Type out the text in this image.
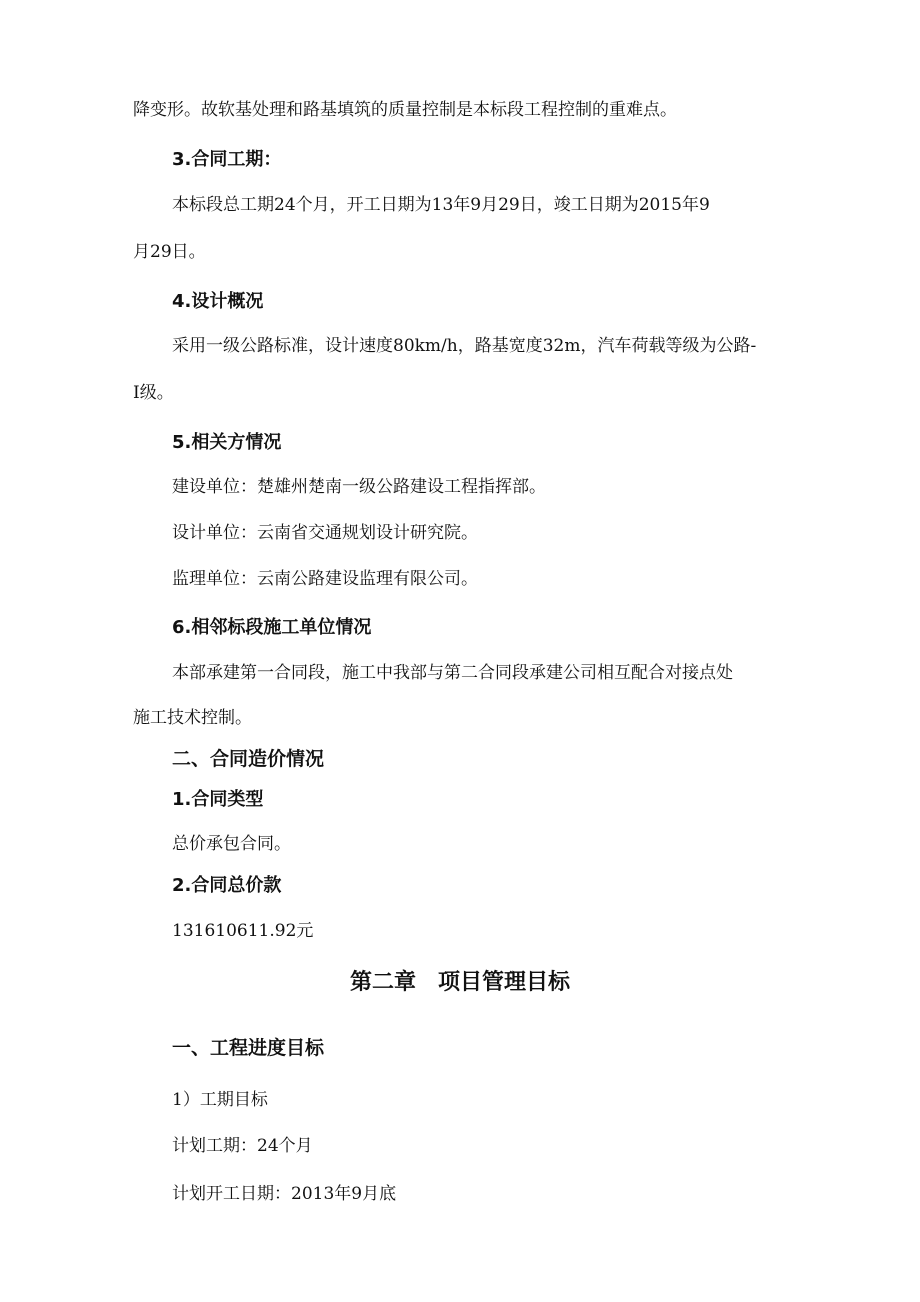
降变形。故软基处理和路基填筑的质量控制是本标段工程控制的重难点。
3.合同工期：
本标段总工期24个月，开工日期为13年9月29日，竣工日期为2015年9
月29日。
4.设计概况
采用一级公路标准，设计速度80km/h，路基宽度32m，汽车荷载等级为公路-
Ⅰ级。
5.相关方情况
建设单位：楚雄州楚南一级公路建设工程指挥部。
设计单位：云南省交通规划设计研究院。
监理单位：云南公路建设监理有限公司。
6.相邻标段施工单位情况
本部承建第一合同段，施工中我部与第二合同段承建公司相互配合对接点处
施工技术控制。
二、合同造价情况
1.合同类型
总价承包合同。
2.合同总价款
131610611.92元
第二章　项目管理目标
一、工程进度目标
1）工期目标
计划工期：24个月
计划开工日期：2013年9月底
